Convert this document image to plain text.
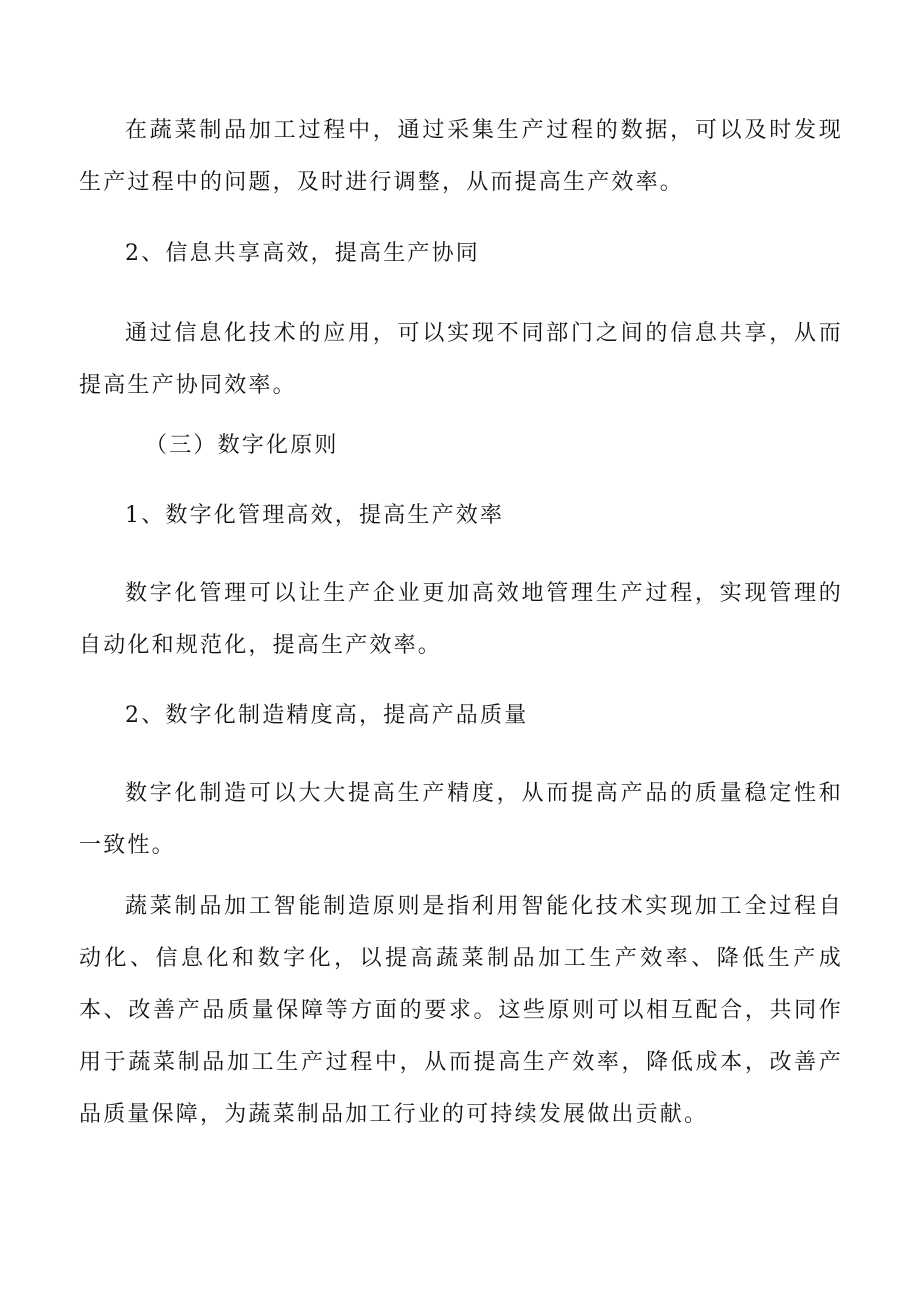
在蔬菜制品加工过程中，通过采集生产过程的数据，可以及时发现生产过程中的问题，及时进行调整，从而提高生产效率。

2、信息共享高效，提高生产协同

通过信息化技术的应用，可以实现不同部门之间的信息共享，从而提高生产协同效率。

（三）数字化原则

1、数字化管理高效，提高生产效率

数字化管理可以让生产企业更加高效地管理生产过程，实现管理的自动化和规范化，提高生产效率。

2、数字化制造精度高，提高产品质量

数字化制造可以大大提高生产精度，从而提高产品的质量稳定性和一致性。

蔬菜制品加工智能制造原则是指利用智能化技术实现加工全过程自动化、信息化和数字化，以提高蔬菜制品加工生产效率、降低生产成本、改善产品质量保障等方面的要求。这些原则可以相互配合，共同作用于蔬菜制品加工生产过程中，从而提高生产效率，降低成本，改善产品质量保障，为蔬菜制品加工行业的可持续发展做出贡献。
